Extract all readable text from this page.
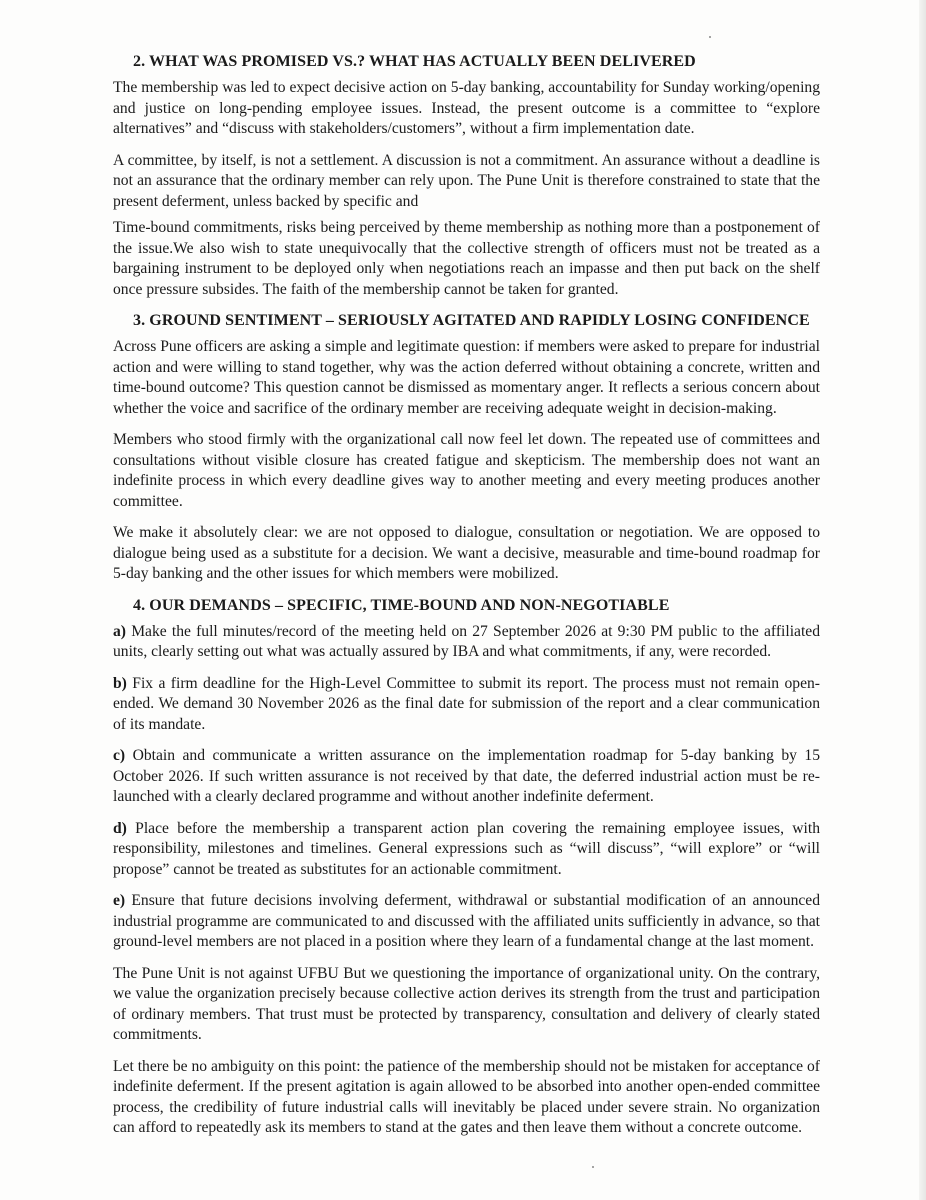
2. WHAT WAS PROMISED VS.? WHAT HAS ACTUALLY BEEN DELIVERED

The membership was led to expect decisive action on 5-day banking, accountability for Sunday working/opening and justice on long-pending employee issues. Instead, the present outcome is a committee to “explore alternatives” and “discuss with stakeholders/customers”, without a firm implementation date.

A committee, by itself, is not a settlement. A discussion is not a commitment. An assurance without a deadline is not an assurance that the ordinary member can rely upon. The Pune Unit is therefore constrained to state that the present deferment, unless backed by specific and

Time-bound commitments, risks being perceived by theme membership as nothing more than a postponement of the issue.We also wish to state unequivocally that the collective strength of officers must not be treated as a bargaining instrument to be deployed only when negotiations reach an impasse and then put back on the shelf once pressure subsides. The faith of the membership cannot be taken for granted.

3. GROUND SENTIMENT – SERIOUSLY AGITATED AND RAPIDLY LOSING CONFIDENCE

Across Pune officers are asking a simple and legitimate question: if members were asked to prepare for industrial action and were willing to stand together, why was the action deferred without obtaining a concrete, written and time-bound outcome? This question cannot be dismissed as momentary anger. It reflects a serious concern about whether the voice and sacrifice of the ordinary member are receiving adequate weight in decision-making.

Members who stood firmly with the organizational call now feel let down. The repeated use of committees and consultations without visible closure has created fatigue and skepticism. The membership does not want an indefinite process in which every deadline gives way to another meeting and every meeting produces another committee.

We make it absolutely clear: we are not opposed to dialogue, consultation or negotiation. We are opposed to dialogue being used as a substitute for a decision. We want a decisive, measurable and time-bound roadmap for 5-day banking and the other issues for which members were mobilized.

4. OUR DEMANDS – SPECIFIC, TIME-BOUND AND NON-NEGOTIABLE

a) Make the full minutes/record of the meeting held on 27 September 2026 at 9:30 PM public to the affiliated units, clearly setting out what was actually assured by IBA and what commitments, if any, were recorded.

b) Fix a firm deadline for the High-Level Committee to submit its report. The process must not remain open-ended. We demand 30 November 2026 as the final date for submission of the report and a clear communication of its mandate.

c) Obtain and communicate a written assurance on the implementation roadmap for 5-day banking by 15 October 2026. If such written assurance is not received by that date, the deferred industrial action must be re-launched with a clearly declared programme and without another indefinite deferment.

d) Place before the membership a transparent action plan covering the remaining employee issues, with responsibility, milestones and timelines. General expressions such as “will discuss”, “will explore” or “will propose” cannot be treated as substitutes for an actionable commitment.

e) Ensure that future decisions involving deferment, withdrawal or substantial modification of an announced industrial programme are communicated to and discussed with the affiliated units sufficiently in advance, so that ground-level members are not placed in a position where they learn of a fundamental change at the last moment.

The Pune Unit is not against UFBU But we questioning the importance of organizational unity. On the contrary, we value the organization precisely because collective action derives its strength from the trust and participation of ordinary members. That trust must be protected by transparency, consultation and delivery of clearly stated commitments.

Let there be no ambiguity on this point: the patience of the membership should not be mistaken for acceptance of indefinite deferment. If the present agitation is again allowed to be absorbed into another open-ended committee process, the credibility of future industrial calls will inevitably be placed under severe strain. No organization can afford to repeatedly ask its members to stand at the gates and then leave them without a concrete outcome.
